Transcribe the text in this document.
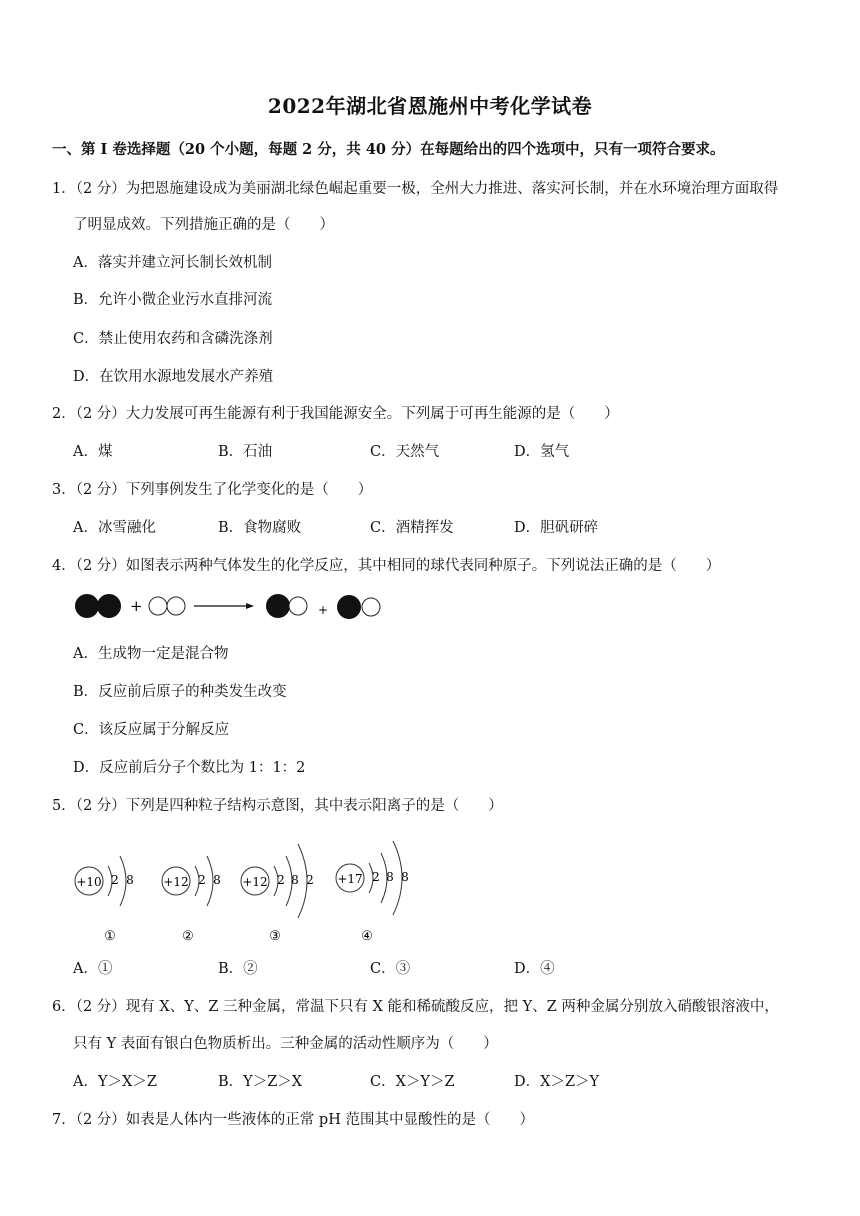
2022年湖北省恩施州中考化学试卷
一、第 I 卷选择题（20 个小题，每题 2 分，共 40 分）在每题给出的四个选项中，只有一项符合要求。
1．（2 分）为把恩施建设成为美丽湖北绿色崛起重要一极，全州大力推进、落实河长制，并在水环境治理方面取得
了明显成效。下列措施正确的是（　　）
A．落实并建立河长制长效机制
B．允许小微企业污水直排河流
C．禁止使用农药和含磷洗涤剂
D．在饮用水源地发展水产养殖
2．（2 分）大力发展可再生能源有利于我国能源安全。下列属于可再生能源的是（　　）
A．煤	B．石油	C．天然气	D．氢气
3．（2 分）下列事例发生了化学变化的是（　　）
A．冰雪融化	B．食物腐败	C．酒精挥发	D．胆矾研碎
4．（2 分）如图表示两种气体发生的化学反应，其中相同的球代表同种原子。下列说法正确的是（　　）
+	+
A．生成物一定是混合物
B．反应前后原子的种类发生改变
C．该反应属于分解反应
D．反应前后分子个数比为 1：1：2
5．（2 分）下列是四种粒子结构示意图，其中表示阳离子的是（　　）
+10 2 8
①
+12 2 8
②
+12 2 8 2
③
+17 2 8 8
④
A．①	B．②	C．③	D．④
6．（2 分）现有 X、Y、Z 三种金属，常温下只有 X 能和稀硫酸反应，把 Y、Z 两种金属分别放入硝酸银溶液中，
只有 Y 表面有银白色物质析出。三种金属的活动性顺序为（　　）
A．Y＞X＞Z	B．Y＞Z＞X	C．X＞Y＞Z	D．X＞Z＞Y
7．（2 分）如表是人体内一些液体的正常 pH 范围其中显酸性的是（　　）
